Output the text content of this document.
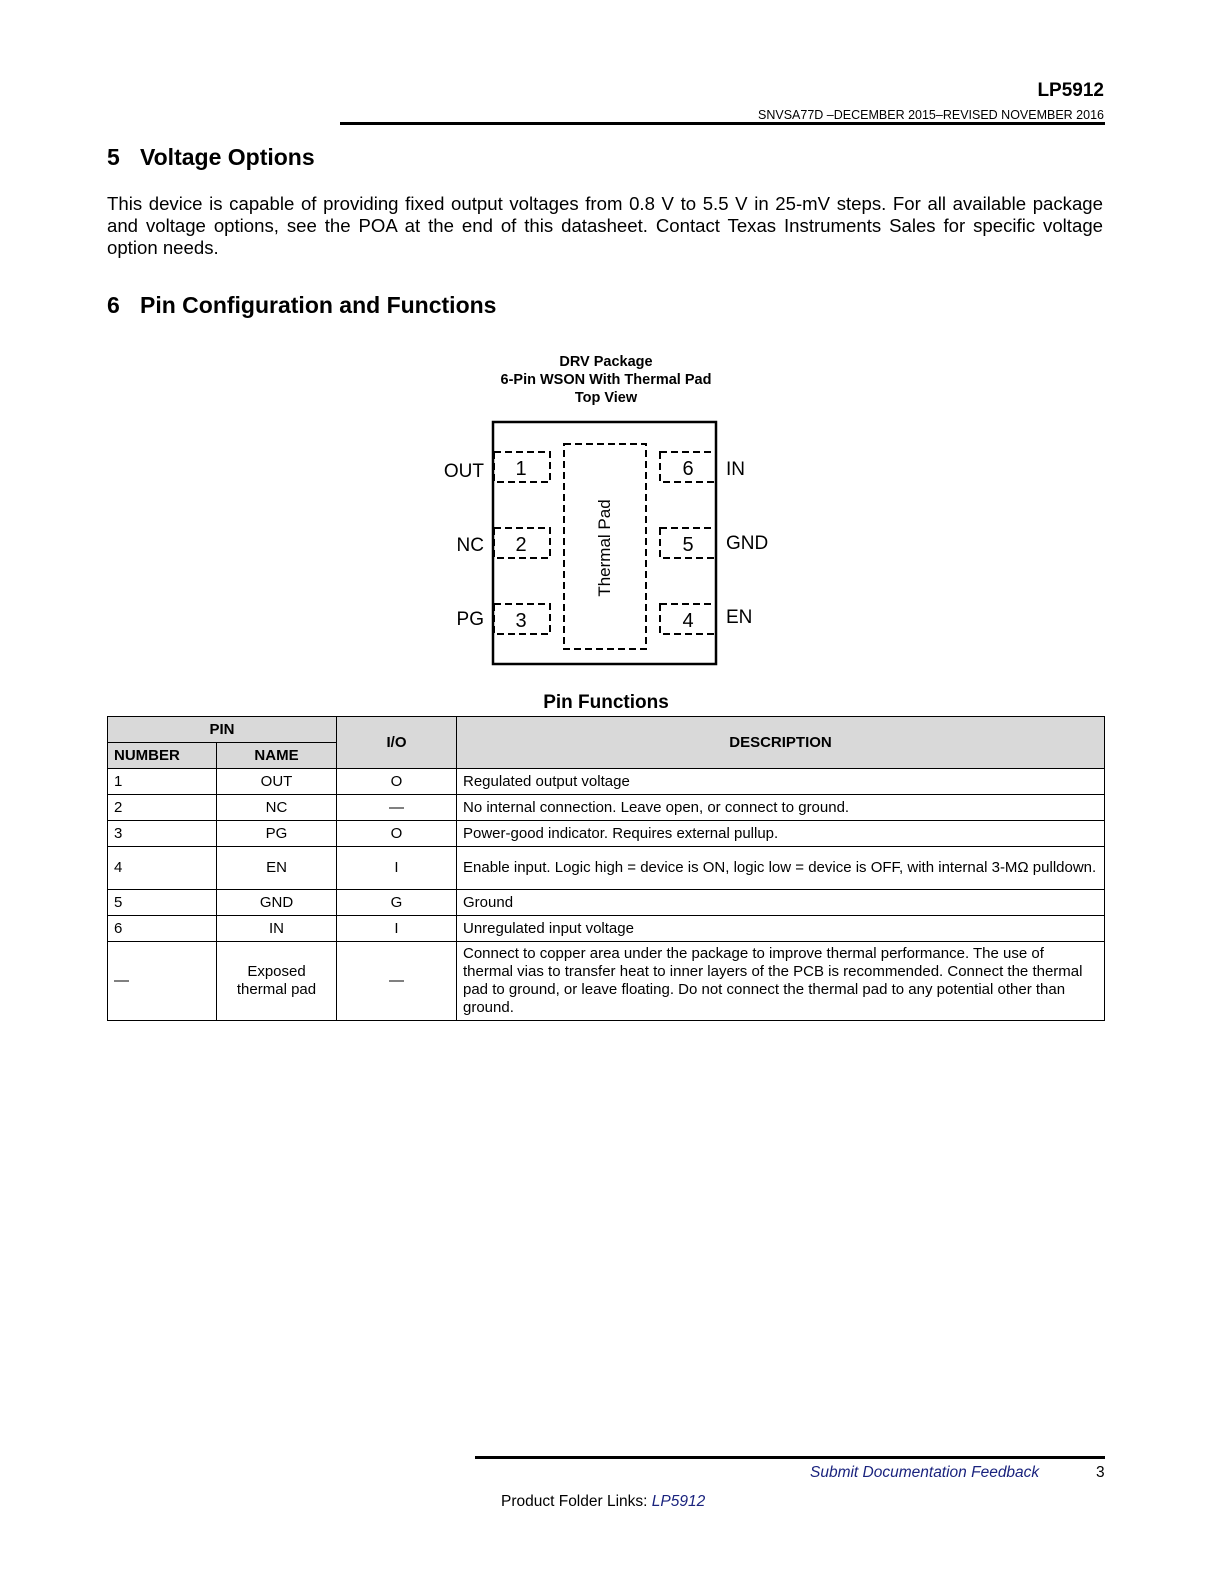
LP5912
SNVSA77D –DECEMBER 2015–REVISED NOVEMBER 2016
5 Voltage Options
This device is capable of providing fixed output voltages from 0.8 V to 5.5 V in 25-mV steps. For all available package and voltage options, see the POA at the end of this datasheet. Contact Texas Instruments Sales for specific voltage option needs.
6 Pin Configuration and Functions
DRV Package
6-Pin WSON With Thermal Pad
Top View
Thermal Pad
1
OUT
2
NC
3
PG	4 EN
5 GND
6 IN
Pin Functions
PIN		I/O	DESCRIPTION
NUMBER	NAME		
1	OUT	O	Regulated output voltage
2	NC	—	No internal connection. Leave open, or connect to ground.
3	PG	O	Power-good indicator. Requires external pullup.
4	EN	I	Enable input. Logic high = device is ON, logic low = device is OFF, with internal 3-MΩ pulldown.
5	GND	G	Ground
6	IN	I	Unregulated input voltage
—	Exposed thermal pad	—	Connect to copper area under the package to improve thermal performance. The use of thermal vias to transfer heat to inner layers of the PCB is recommended. Connect the thermal pad to ground, or leave floating. Do not connect the thermal pad to any potential other than ground.
Submit Documentation Feedback	3
Product Folder Links: LP5912
